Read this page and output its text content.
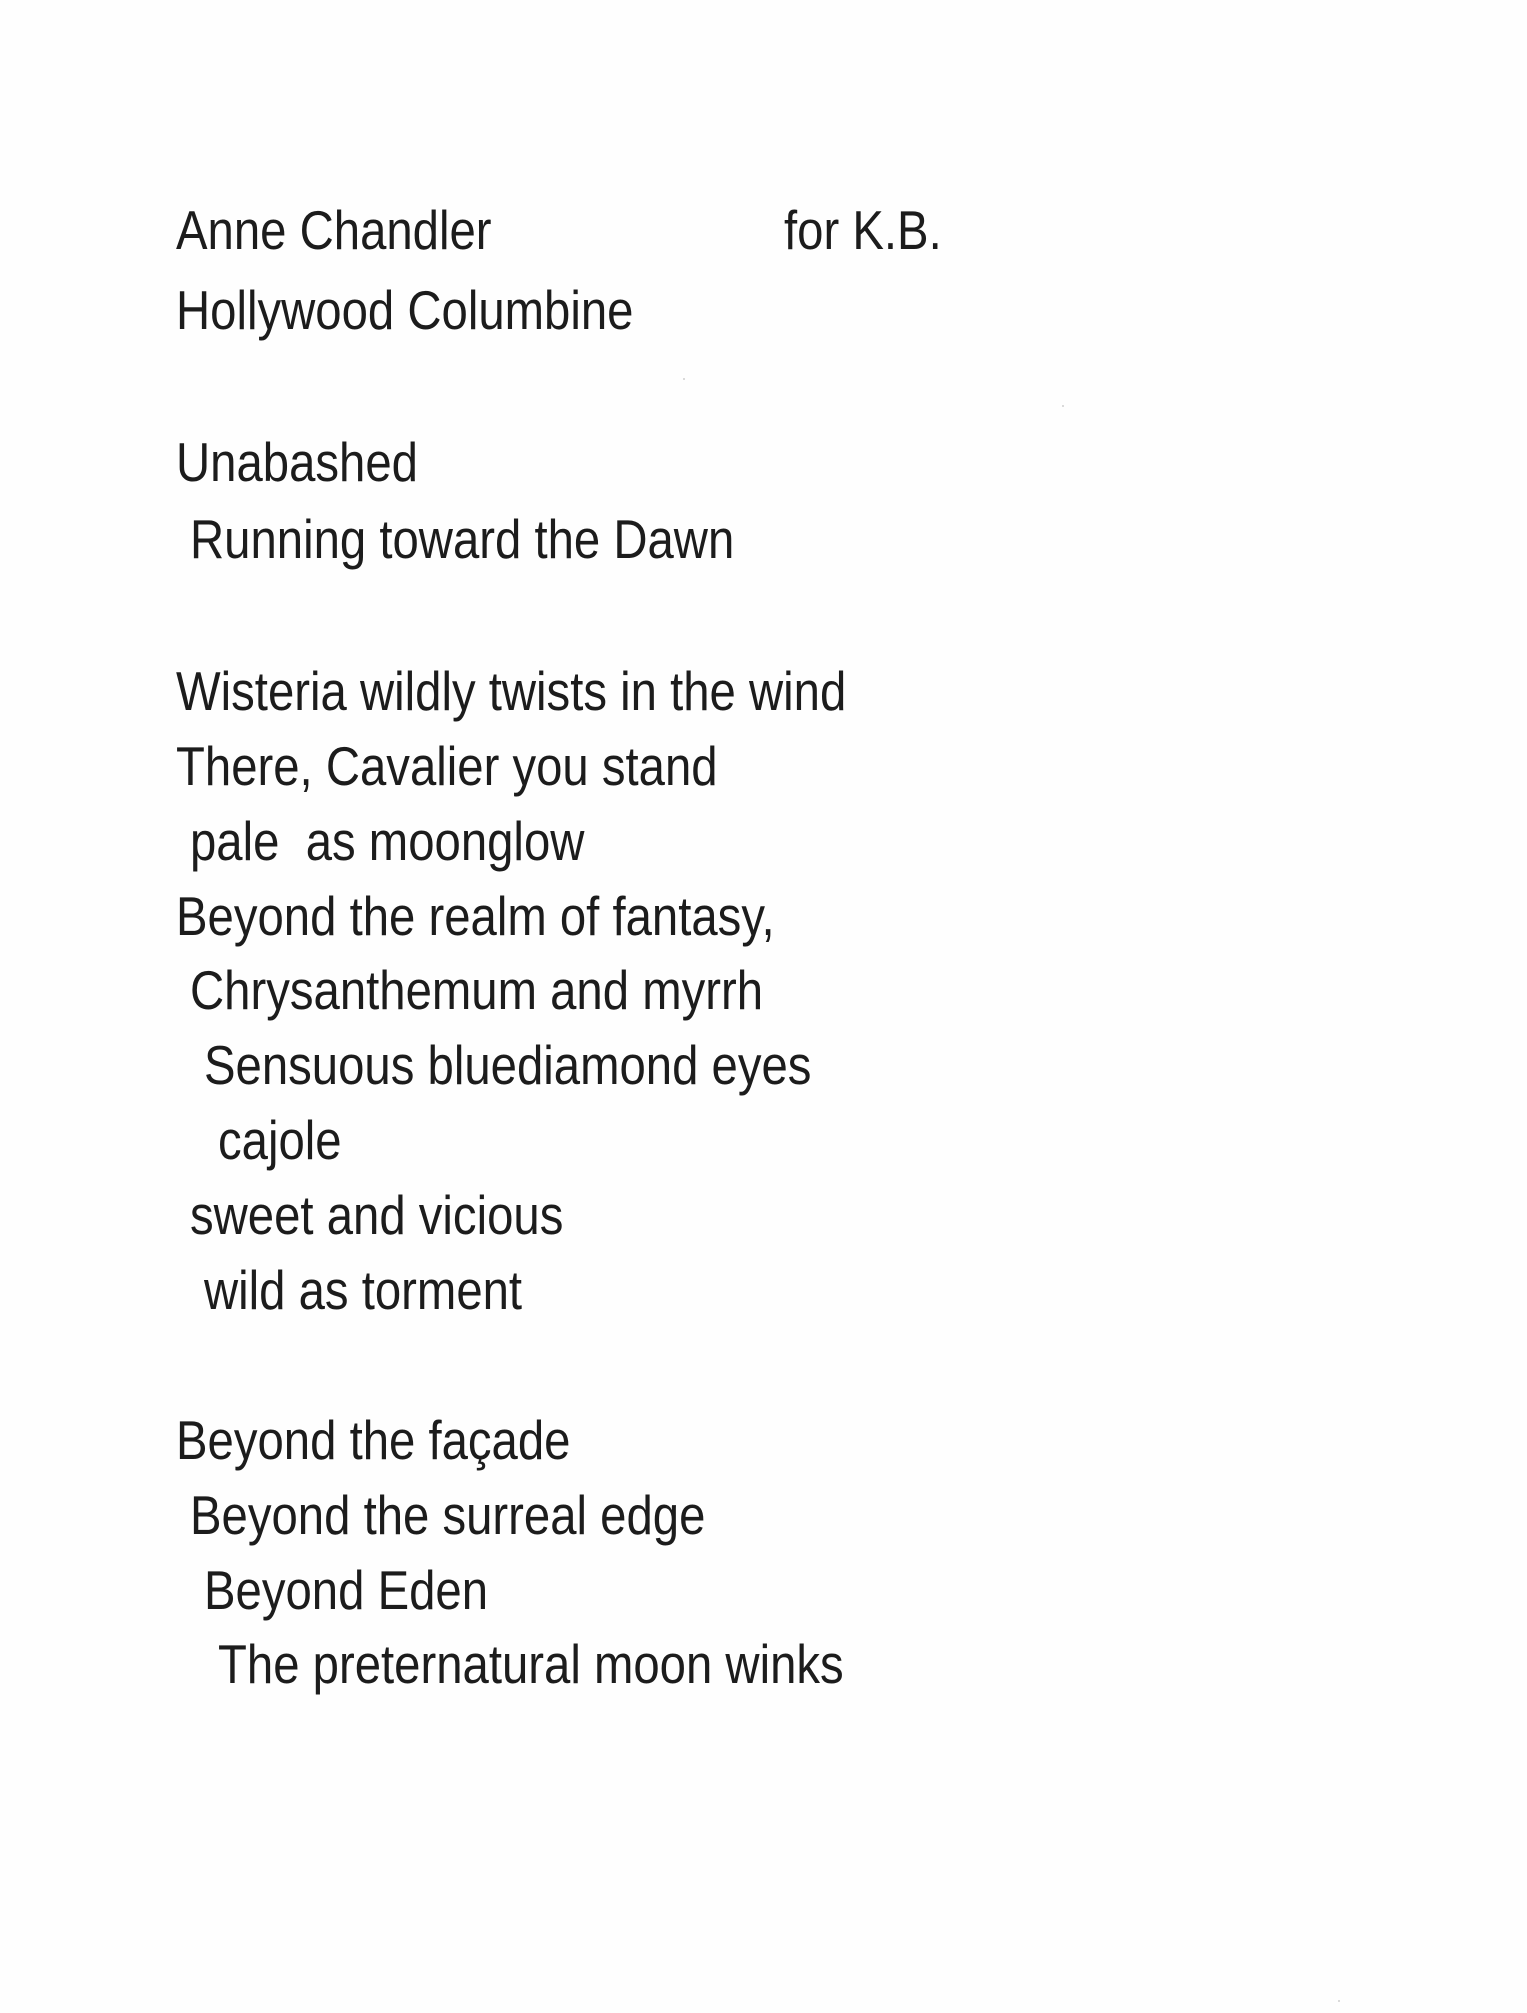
Anne Chandler	for K.B.
Hollywood Columbine
Unabashed
Running toward the Dawn
Wisteria wildly twists in the wind
There, Cavalier you stand
pale  as moonglow
Beyond the realm of fantasy,
Chrysanthemum and myrrh
Sensuous bluediamond eyes
cajole
sweet and vicious
wild as torment
Beyond the façade
Beyond the surreal edge
Beyond Eden
The preternatural moon winks
